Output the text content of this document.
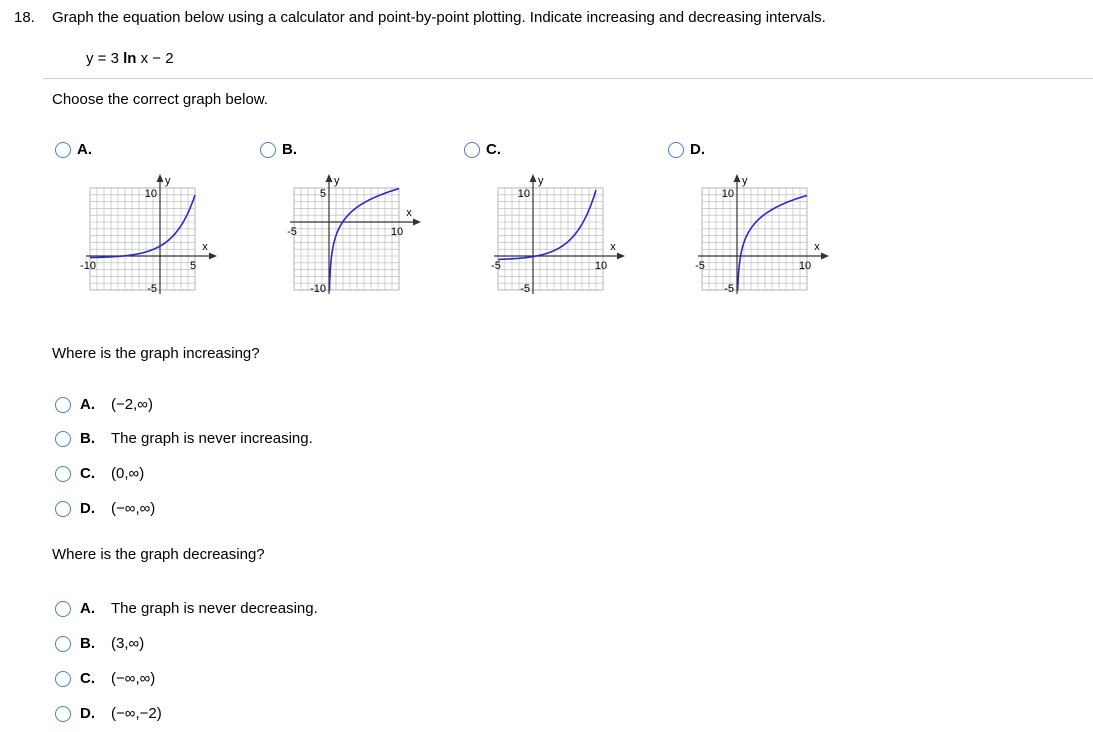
18. Graph the equation below using a calculator and point-by-point plotting. Indicate increasing and decreasing intervals.
y = 3 ln x − 2
Choose the correct graph below.
A.	B.	C.	D.
y
x
10
-5
-10	5
y
x
5
-10
-5	10
y
x
10
-5
-5	10
y
x
10
-5
-5	10
Where is the graph increasing?
A.	(−2,∞)
B.	The graph is never increasing.
C.	(0,∞)
D.	(−∞,∞)
Where is the graph decreasing?
A.	The graph is never decreasing.
B.	(3,∞)
C.	(−∞,∞)
D.	(−∞,−2)
